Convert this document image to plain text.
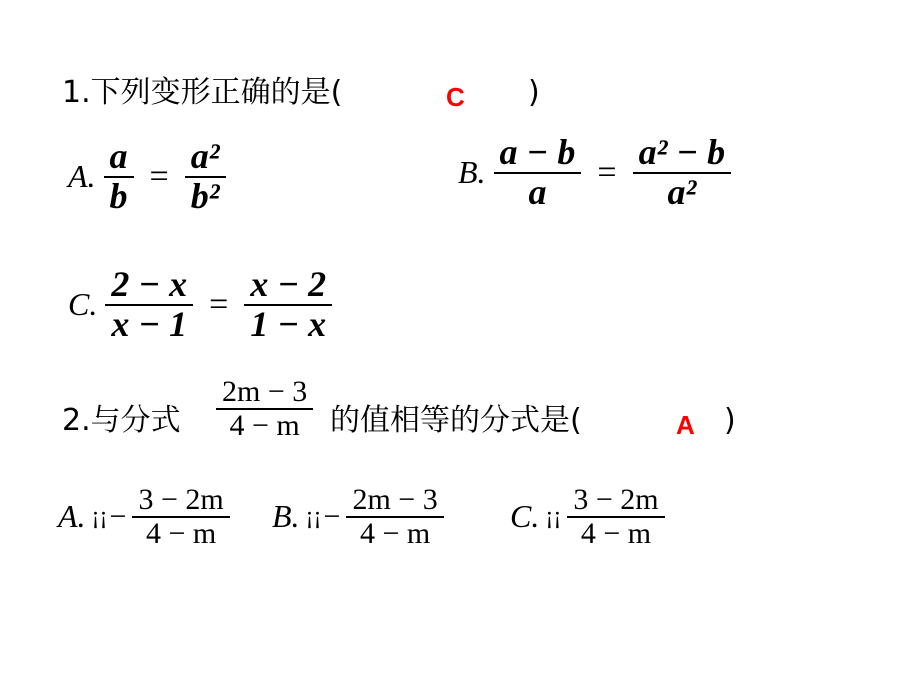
1.下列变形正确的是(	C )
A. $\frac{a}{b} = \frac{\text{a²}}{\text{b²}}$	B. $\frac{a - b}{a} = \frac{\text{a² − b}}{\text{a²}}$
C. $\frac{2 - x}{x - 1} = \frac{x - 2}{1 - x}$
2.与分式 $\frac{2m - 3}{4 - m}$ 的值相等的分式是(	A )
A. ¡¡ − $\frac{3 - 2m}{4 - m} B$. ¡¡ − $\frac{2m - 3}{4 - m} C$. ¡¡ $\frac{3 - 2m}{4 - m}$
